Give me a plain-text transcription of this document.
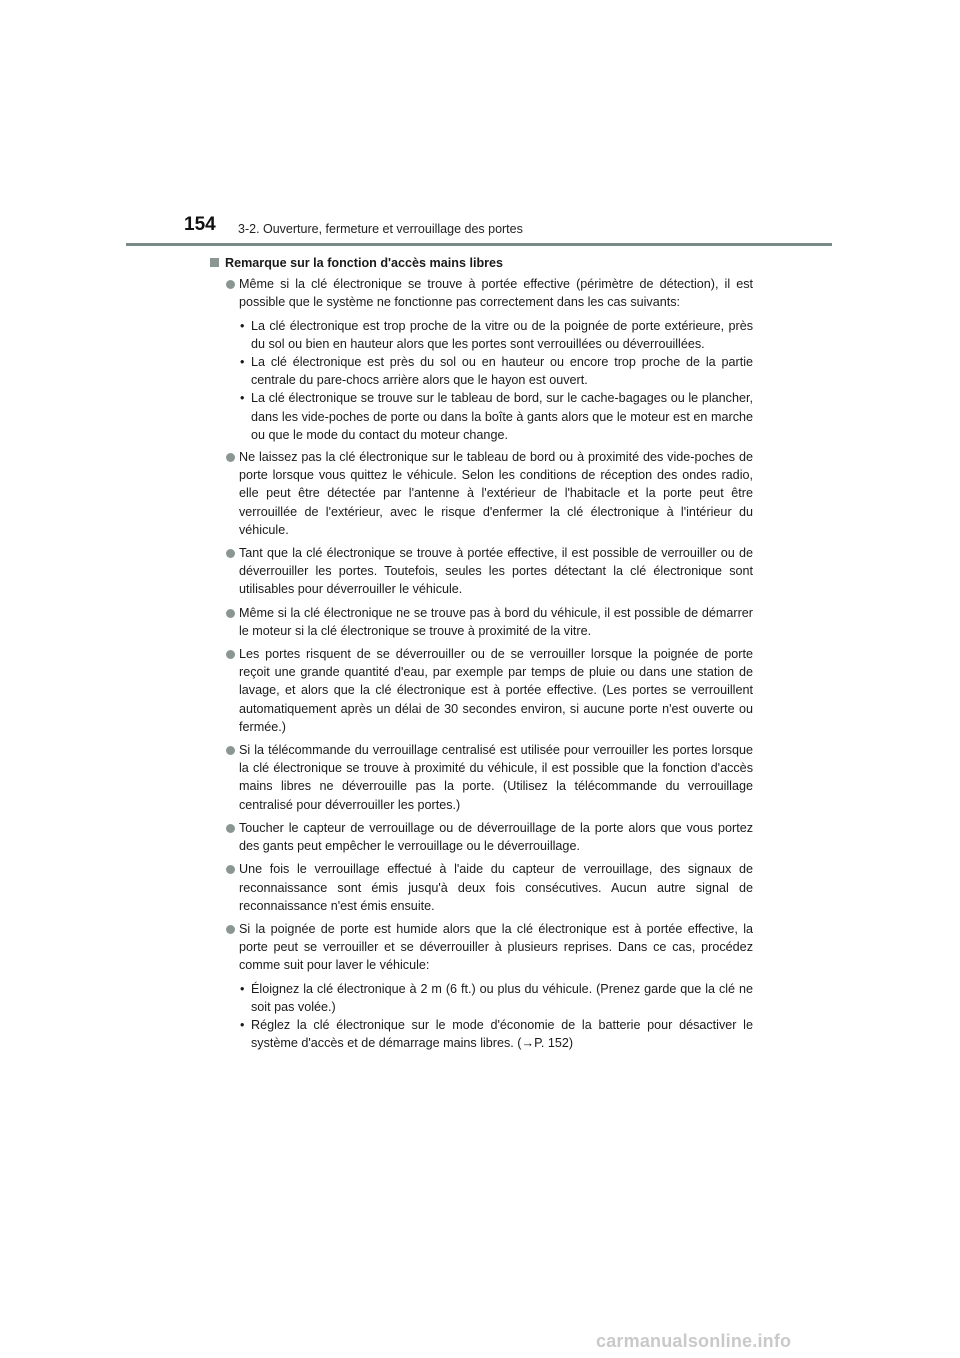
154 3-2. Ouverture, fermeture et verrouillage des portes
Remarque sur la fonction d'accès mains libres
Même si la clé électronique se trouve à portée effective (périmètre de détection), il est possible que le système ne fonctionne pas correctement dans les cas suivants:
• La clé électronique est trop proche de la vitre ou de la poignée de porte extérieure, près du sol ou bien en hauteur alors que les portes sont verrouillées ou déverrouillées.
• La clé électronique est près du sol ou en hauteur ou encore trop proche de la partie centrale du pare-chocs arrière alors que le hayon est ouvert.
• La clé électronique se trouve sur le tableau de bord, sur le cache-bagages ou le plancher, dans les vide-poches de porte ou dans la boîte à gants alors que le moteur est en marche ou que le mode du contact du moteur change.
Ne laissez pas la clé électronique sur le tableau de bord ou à proximité des vide-poches de porte lorsque vous quittez le véhicule. Selon les conditions de réception des ondes radio, elle peut être détectée par l'antenne à l'extérieur de l'habitacle et la porte peut être verrouillée de l'extérieur, avec le risque d'enfermer la clé électronique à l'intérieur du véhicule.
Tant que la clé électronique se trouve à portée effective, il est possible de verrouiller ou de déverrouiller les portes. Toutefois, seules les portes détectant la clé électronique sont utilisables pour déverrouiller le véhicule.
Même si la clé électronique ne se trouve pas à bord du véhicule, il est possible de démarrer le moteur si la clé électronique se trouve à proximité de la vitre.
Les portes risquent de se déverrouiller ou de se verrouiller lorsque la poignée de porte reçoit une grande quantité d'eau, par exemple par temps de pluie ou dans une station de lavage, et alors que la clé électronique est à portée effective. (Les portes se verrouillent automatiquement après un délai de 30 secondes environ, si aucune porte n'est ouverte ou fermée.)
Si la télécommande du verrouillage centralisé est utilisée pour verrouiller les portes lorsque la clé électronique se trouve à proximité du véhicule, il est possible que la fonction d'accès mains libres ne déverrouille pas la porte. (Utilisez la télécommande du verrouillage centralisé pour déverrouiller les portes.)
Toucher le capteur de verrouillage ou de déverrouillage de la porte alors que vous portez des gants peut empêcher le verrouillage ou le déverrouillage.
Une fois le verrouillage effectué à l'aide du capteur de verrouillage, des signaux de reconnaissance sont émis jusqu'à deux fois consécutives. Aucun autre signal de reconnaissance n'est émis ensuite.
Si la poignée de porte est humide alors que la clé électronique est à portée effective, la porte peut se verrouiller et se déverrouiller à plusieurs reprises. Dans ce cas, procédez comme suit pour laver le véhicule:
• Éloignez la clé électronique à 2 m (6 ft.) ou plus du véhicule. (Prenez garde que la clé ne soit pas volée.)
• Réglez la clé électronique sur le mode d'économie de la batterie pour désactiver le système d'accès et de démarrage mains libres. (→P. 152)
carmanualsonline.info
